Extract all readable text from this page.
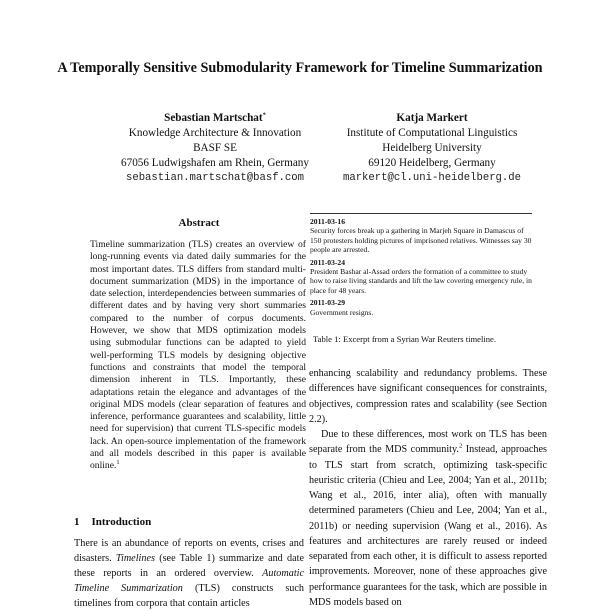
A Temporally Sensitive Submodularity Framework for Timeline Summarization
Sebastian Martschat*
Knowledge Architecture & Innovation
BASF SE
67056 Ludwigshafen am Rhein, Germany
sebastian.martschat@basf.com
Katja Markert
Institute of Computational Linguistics
Heidelberg University
69120 Heidelberg, Germany
markert@cl.uni-heidelberg.de
Abstract
Timeline summarization (TLS) creates an overview of long-running events via dated daily summaries for the most important dates. TLS differs from standard multi-document summarization (MDS) in the importance of date selection, interdependencies between summaries of different dates and by having very short summaries compared to the number of corpus documents. However, we show that MDS optimization models using submodular functions can be adapted to yield well-performing TLS models by designing objective functions and constraints that model the temporal dimension inherent in TLS. Importantly, these adaptations retain the elegance and advantages of the original MDS models (clear separation of features and inference, performance guarantees and scalability, little need for supervision) that current TLS-specific models lack. An open-source implementation of the framework and all models described in this paper is available online.$^1$
1 Introduction
There is an abundance of reports on events, crises and disasters. Timelines (see Table 1) summarize and date these reports in an ordered overview. Automatic Timeline Summarization (TLS) constructs such timelines from corpora that contain articles
2011-03-16
Security forces break up a gathering in Marjeh Square in Damascus of 150 protesters holding pictures of imprisoned relatives. Witnesses say 30 people are arrested.
2011-03-24
President Bashar al-Assad orders the formation of a committee to study how to raise living standards and lift the law covering emergency rule, in place for 48 years.
2011-03-29
Government resigns.
Table 1: Excerpt from a Syrian War Reuters timeline.

enhancing scalability and redundancy problems. These differences have significant consequences for constraints, objectives, compression rates and scalability (see Section 2.2).

Due to these differences, most work on TLS has been separate from the MDS community.$^2$ Instead, approaches to TLS start from scratch, optimizing task-specific heuristic criteria (Chieu and Lee, 2004; Yan et al., 2011b; Wang et al., 2016, inter alia), often with manually determined parameters (Chieu and Lee, 2004; Yan et al., 2011b) or needing supervision (Wang et al., 2016). As features and architectures are rarely reused or indeed separated from each other, it is difficult to assess reported improvements. Moreover, none of these approaches give performance guarantees for the task, which are possible in MDS models based on
